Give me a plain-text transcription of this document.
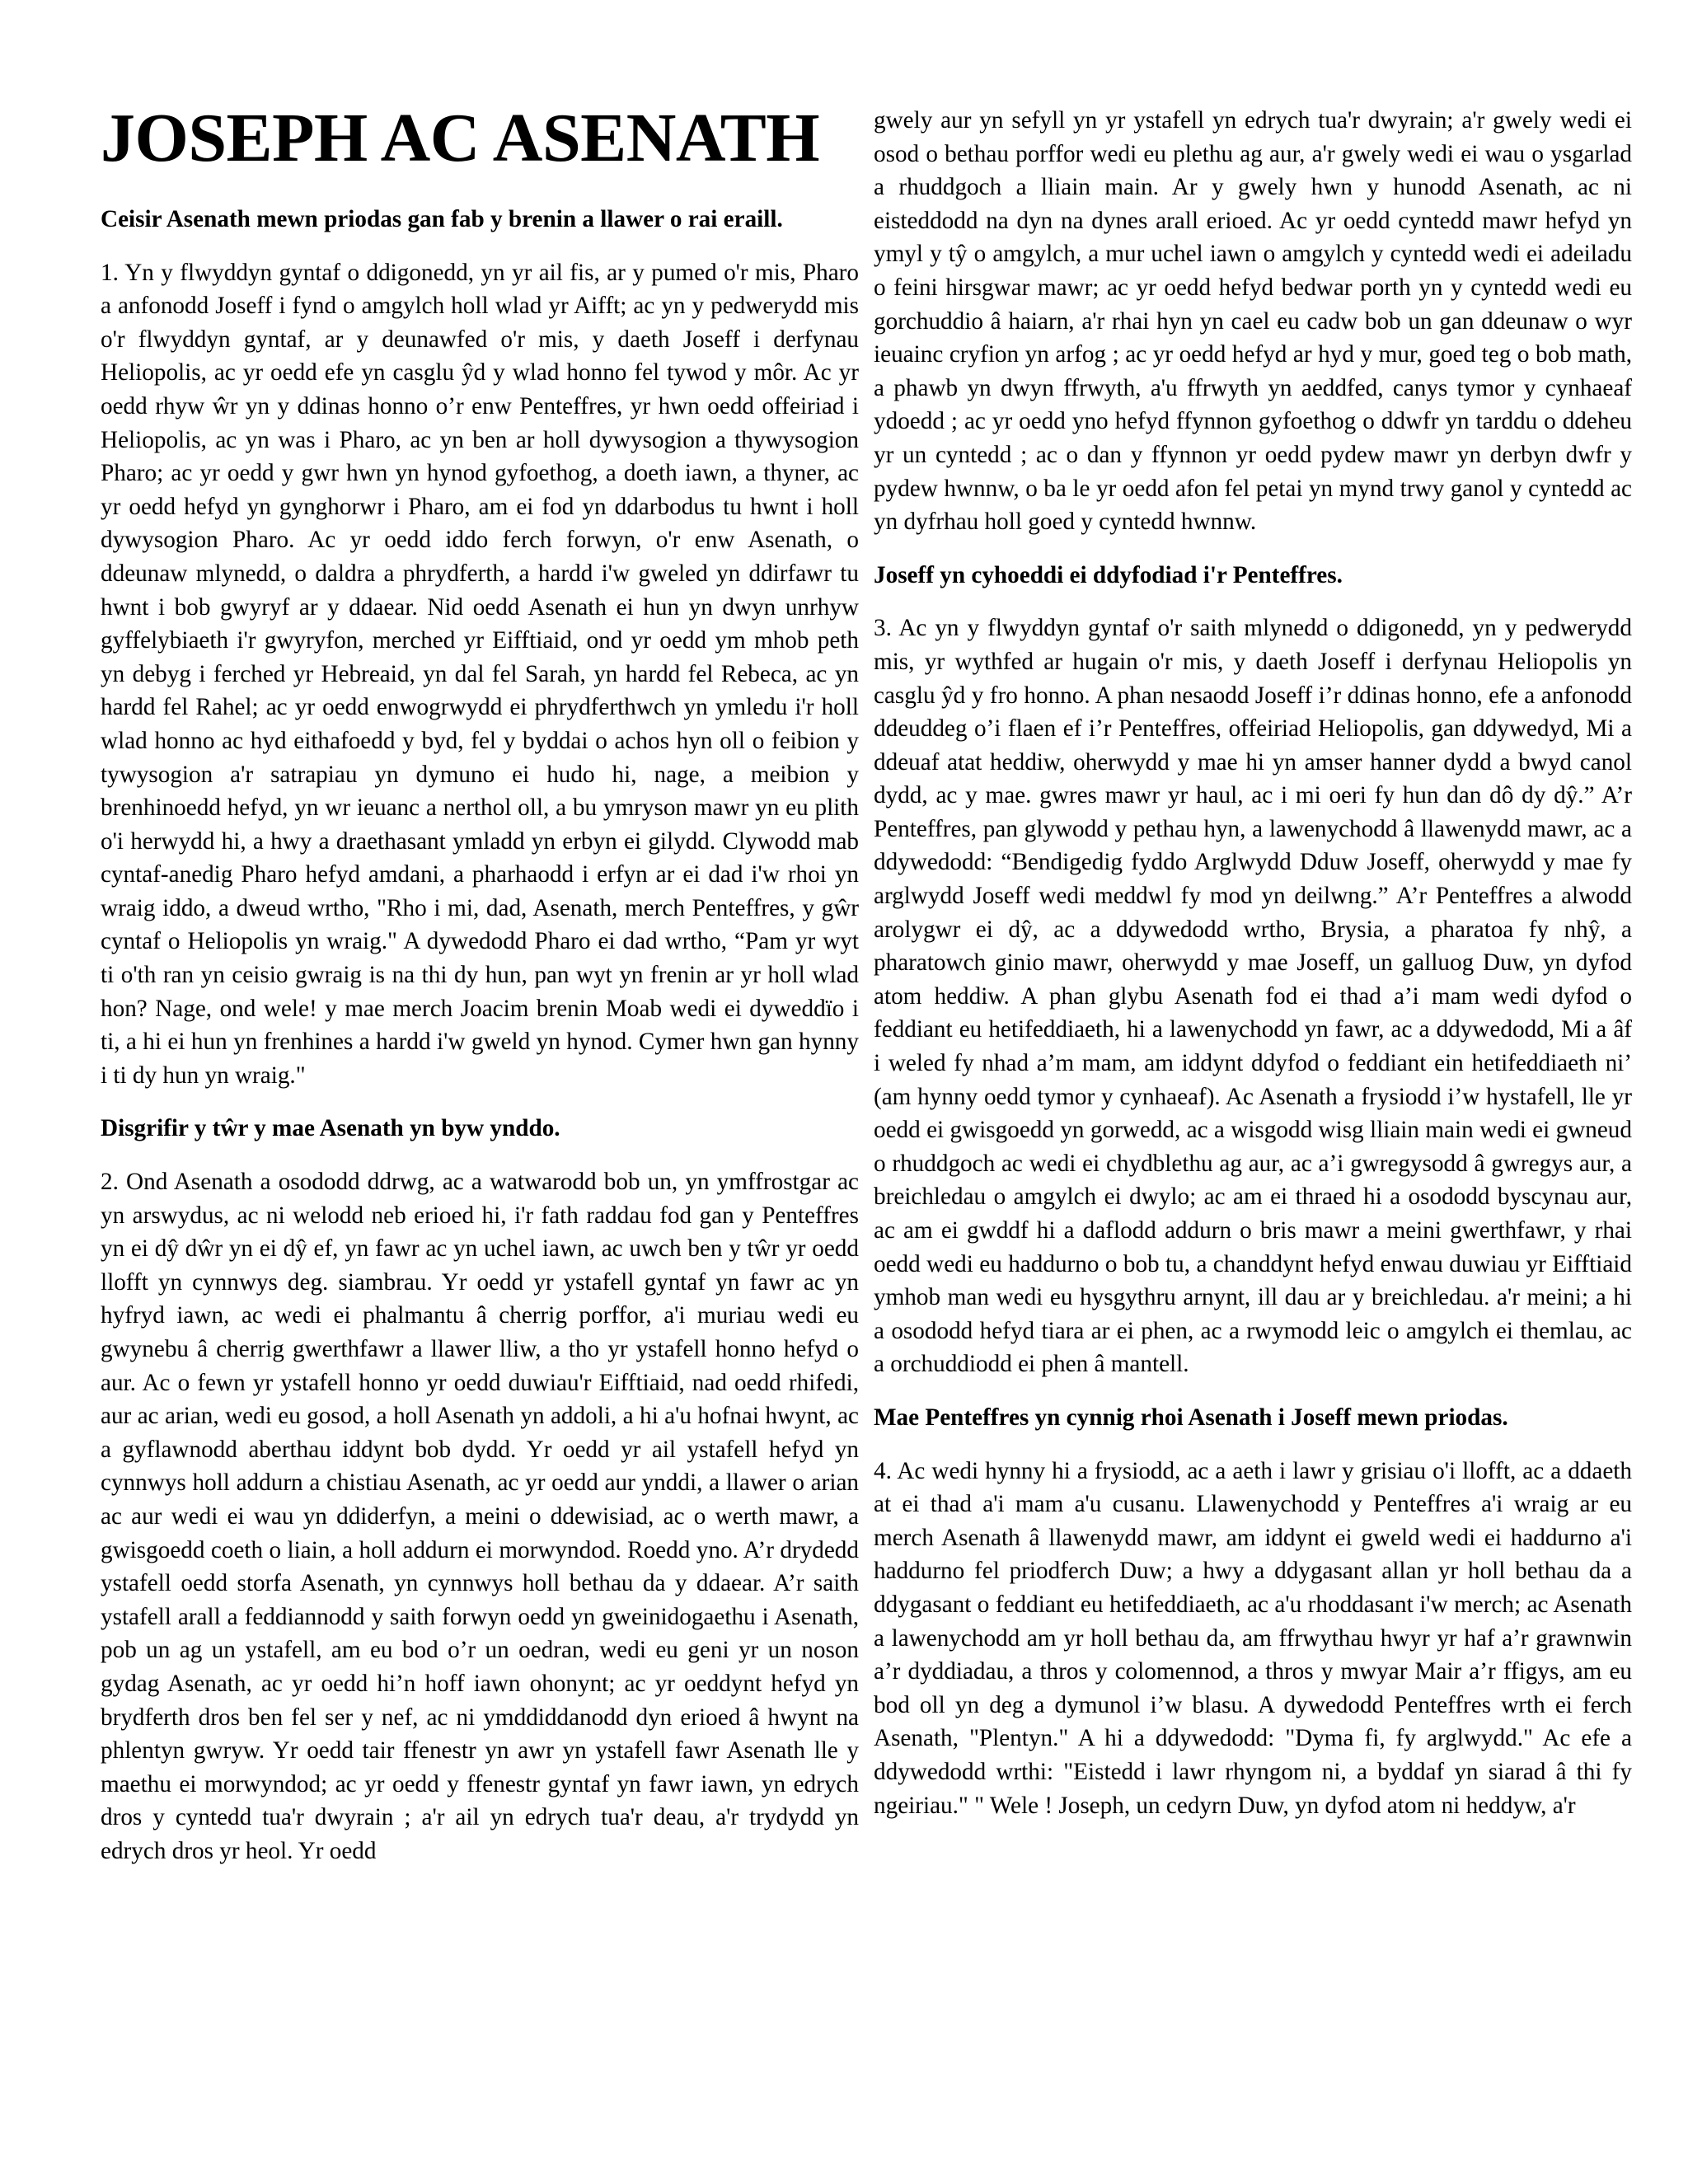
JOSEPH AC ASENATH

Ceisir Asenath mewn priodas gan fab y brenin a llawer o rai eraill.

1. Yn y flwyddyn gyntaf o ddigonedd, yn yr ail fis, ar y pumed o'r mis, Pharo a anfonodd Joseff i fynd o amgylch holl wlad yr Aifft; ac yn y pedwerydd mis o'r flwyddyn gyntaf, ar y deunawfed o'r mis, y daeth Joseff i derfynau Heliopolis, ac yr oedd efe yn casglu ŷd y wlad honno fel tywod y môr. Ac yr oedd rhyw ŵr yn y ddinas honno o’r enw Penteffres, yr hwn oedd offeiriad i Heliopolis, ac yn was i Pharo, ac yn ben ar holl dywysogion a thywysogion Pharo; ac yr oedd y gwr hwn yn hynod gyfoethog, a doeth iawn, a thyner, ac yr oedd hefyd yn gynghorwr i Pharo, am ei fod yn ddarbodus tu hwnt i holl dywysogion Pharo. Ac yr oedd iddo ferch forwyn, o'r enw Asenath, o ddeunaw mlynedd, o daldra a phrydferth, a hardd i'w gweled yn ddirfawr tu hwnt i bob gwyryf ar y ddaear. Nid oedd Asenath ei hun yn dwyn unrhyw gyffelybiaeth i'r gwyryfon, merched yr Eifftiaid, ond yr oedd ym mhob peth yn debyg i ferched yr Hebreaid, yn dal fel Sarah, yn hardd fel Rebeca, ac yn hardd fel Rahel; ac yr oedd enwogrwydd ei phrydferthwch yn ymledu i'r holl wlad honno ac hyd eithafoedd y byd, fel y byddai o achos hyn oll o feibion y tywysogion a'r satrapiau yn dymuno ei hudo hi, nage, a meibion y brenhinoedd hefyd, yn wr ieuanc a nerthol oll, a bu ymryson mawr yn eu plith o'i herwydd hi, a hwy a draethasant ymladd yn erbyn ei gilydd. Clywodd mab cyntaf-anedig Pharo hefyd amdani, a pharhaodd i erfyn ar ei dad i'w rhoi yn wraig iddo, a dweud wrtho, "Rho i mi, dad, Asenath, merch Penteffres, y gŵr cyntaf o Heliopolis yn wraig." A dywedodd Pharo ei dad wrtho, “Pam yr wyt ti o'th ran yn ceisio gwraig is na thi dy hun, pan wyt yn frenin ar yr holl wlad hon? Nage, ond wele! y mae merch Joacim brenin Moab wedi ei dyweddïo i ti, a hi ei hun yn frenhines a hardd i'w gweld yn hynod. Cymer hwn gan hynny i ti dy hun yn wraig."

Disgrifir y tŵr y mae Asenath yn byw ynddo.

2. Ond Asenath a osododd ddrwg, ac a watwarodd bob un, yn ymffrostgar ac yn arswydus, ac ni welodd neb erioed hi, i'r fath raddau fod gan y Penteffres yn ei dŷ dŵr yn ei dŷ ef, yn fawr ac yn uchel iawn, ac uwch ben y tŵr yr oedd llofft yn cynnwys deg. siambrau. Yr oedd yr ystafell gyntaf yn fawr ac yn hyfryd iawn, ac wedi ei phalmantu â cherrig porffor, a'i muriau wedi eu gwynebu â cherrig gwerthfawr a llawer lliw, a tho yr ystafell honno hefyd o aur. Ac o fewn yr ystafell honno yr oedd duwiau'r Eifftiaid, nad oedd rhifedi, aur ac arian, wedi eu gosod, a holl Asenath yn addoli, a hi a'u hofnai hwynt, ac a gyflawnodd aberthau iddynt bob dydd. Yr oedd yr ail ystafell hefyd yn cynnwys holl addurn a chistiau Asenath, ac yr oedd aur ynddi, a llawer o arian ac aur wedi ei wau yn ddiderfyn, a meini o ddewisiad, ac o werth mawr, a gwisgoedd coeth o liain, a holl addurn ei morwyndod. Roedd yno. A’r drydedd ystafell oedd storfa Asenath, yn cynnwys holl bethau da y ddaear. A’r saith ystafell arall a feddiannodd y saith forwyn oedd yn gweinidogaethu i Asenath, pob un ag un ystafell, am eu bod o’r un oedran, wedi eu geni yr un noson gydag Asenath, ac yr oedd hi’n hoff iawn ohonynt; ac yr oeddynt hefyd yn brydferth dros ben fel ser y nef, ac ni ymddiddanodd dyn erioed â hwynt na phlentyn gwryw. Yr oedd tair ffenestr yn awr yn ystafell fawr Asenath lle y maethu ei morwyndod; ac yr oedd y ffenestr gyntaf yn fawr iawn, yn edrych dros y cyntedd tua'r dwyrain ; a'r ail yn edrych tua'r deau, a'r trydydd yn edrych dros yr heol. Yr oedd

gwely aur yn sefyll yn yr ystafell yn edrych tua'r dwyrain; a'r gwely wedi ei osod o bethau porffor wedi eu plethu ag aur, a'r gwely wedi ei wau o ysgarlad a rhuddgoch a lliain main. Ar y gwely hwn y hunodd Asenath, ac ni eisteddodd na dyn na dynes arall erioed. Ac yr oedd cyntedd mawr hefyd yn ymyl y tŷ o amgylch, a mur uchel iawn o amgylch y cyntedd wedi ei adeiladu o feini hirsgwar mawr; ac yr oedd hefyd bedwar porth yn y cyntedd wedi eu gorchuddio â haiarn, a'r rhai hyn yn cael eu cadw bob un gan ddeunaw o wyr ieuainc cryfion yn arfog ; ac yr oedd hefyd ar hyd y mur, goed teg o bob math, a phawb yn dwyn ffrwyth, a'u ffrwyth yn aeddfed, canys tymor y cynhaeaf ydoedd ; ac yr oedd yno hefyd ffynnon gyfoethog o ddwfr yn tarddu o ddeheu yr un cyntedd ; ac o dan y ffynnon yr oedd pydew mawr yn derbyn dwfr y pydew hwnnw, o ba le yr oedd afon fel petai yn mynd trwy ganol y cyntedd ac yn dyfrhau holl goed y cyntedd hwnnw.

Joseff yn cyhoeddi ei ddyfodiad i'r Penteffres.

3. Ac yn y flwyddyn gyntaf o'r saith mlynedd o ddigonedd, yn y pedwerydd mis, yr wythfed ar hugain o'r mis, y daeth Joseff i derfynau Heliopolis yn casglu ŷd y fro honno. A phan nesaodd Joseff i’r ddinas honno, efe a anfonodd ddeuddeg o’i flaen ef i’r Penteffres, offeiriad Heliopolis, gan ddywedyd, Mi a ddeuaf atat heddiw, oherwydd y mae hi yn amser hanner dydd a bwyd canol dydd, ac y mae. gwres mawr yr haul, ac i mi oeri fy hun dan dô dy dŷ.” A’r Penteffres, pan glywodd y pethau hyn, a lawenychodd â llawenydd mawr, ac a ddywedodd: “Bendigedig fyddo Arglwydd Dduw Joseff, oherwydd y mae fy arglwydd Joseff wedi meddwl fy mod yn deilwng.” A’r Penteffres a alwodd arolygwr ei dŷ, ac a ddywedodd wrtho, Brysia, a pharatoa fy nhŷ, a pharatowch ginio mawr, oherwydd y mae Joseff, un galluog Duw, yn dyfod atom heddiw. A phan glybu Asenath fod ei thad a’i mam wedi dyfod o feddiant eu hetifeddiaeth, hi a lawenychodd yn fawr, ac a ddywedodd, Mi a âf i weled fy nhad a’m mam, am iddynt ddyfod o feddiant ein hetifeddiaeth ni’ (am hynny oedd tymor y cynhaeaf). Ac Asenath a frysiodd i’w hystafell, lle yr oedd ei gwisgoedd yn gorwedd, ac a wisgodd wisg lliain main wedi ei gwneud o rhuddgoch ac wedi ei chydblethu ag aur, ac a’i gwregysodd â gwregys aur, a breichledau o amgylch ei dwylo; ac am ei thraed hi a osododd byscynau aur, ac am ei gwddf hi a daflodd addurn o bris mawr a meini gwerthfawr, y rhai oedd wedi eu haddurno o bob tu, a chanddynt hefyd enwau duwiau yr Eifftiaid ymhob man wedi eu hysgythru arnynt, ill dau ar y breichledau. a'r meini; a hi a osododd hefyd tiara ar ei phen, ac a rwymodd leic o amgylch ei themlau, ac a orchuddiodd ei phen â mantell.

Mae Penteffres yn cynnig rhoi Asenath i Joseff mewn priodas.

4. Ac wedi hynny hi a frysiodd, ac a aeth i lawr y grisiau o'i llofft, ac a ddaeth at ei thad a'i mam a'u cusanu. Llawenychodd y Penteffres a'i wraig ar eu merch Asenath â llawenydd mawr, am iddynt ei gweld wedi ei haddurno a'i haddurno fel priodferch Duw; a hwy a ddygasant allan yr holl bethau da a ddygasant o feddiant eu hetifeddiaeth, ac a'u rhoddasant i'w merch; ac Asenath a lawenychodd am yr holl bethau da, am ffrwythau hwyr yr haf a’r grawnwin a’r dyddiadau, a thros y colomennod, a thros y mwyar Mair a’r ffigys, am eu bod oll yn deg a dymunol i’w blasu. A dywedodd Penteffres wrth ei ferch Asenath, "Plentyn." A hi a ddywedodd: "Dyma fi, fy arglwydd." Ac efe a ddywedodd wrthi: "Eistedd i lawr rhyngom ni, a byddaf yn siarad â thi fy ngeiriau." " Wele ! Joseph, un cedyrn Duw, yn dyfod atom ni heddyw, a'r
